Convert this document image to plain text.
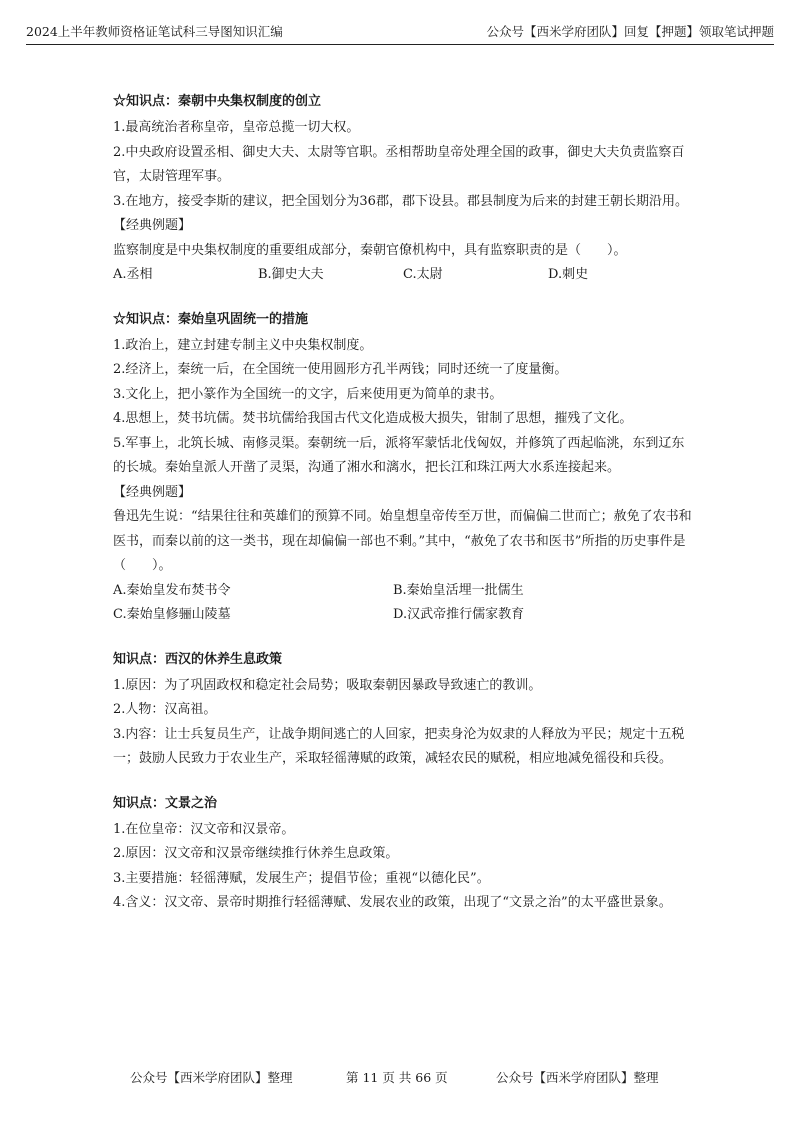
2024上半年教师资格证笔试科三导图知识汇编	公众号【西米学府团队】回复【押题】领取笔试押题

☆知识点：秦朝中央集权制度的创立

1.最高统治者称皇帝，皇帝总揽一切大权。

2.中央政府设置丞相、御史大夫、太尉等官职。丞相帮助皇帝处理全国的政事，御史大夫负责监察百官，太尉管理军事。

3.在地方，接受李斯的建议，把全国划分为36郡，郡下设县。郡县制度为后来的封建王朝长期沿用。

【经典例题】

监察制度是中央集权制度的重要组成部分，秦朝官僚机构中，具有监察职责的是（　　）。

A.丞相	B.御史大夫	C.太尉	D.刺史

☆知识点：秦始皇巩固统一的措施

1.政治上，建立封建专制主义中央集权制度。

2.经济上，秦统一后，在全国统一使用圆形方孔半两钱；同时还统一了度量衡。

3.文化上，把小篆作为全国统一的文字，后来使用更为简单的隶书。

4.思想上，焚书坑儒。焚书坑儒给我国古代文化造成极大损失，钳制了思想，摧残了文化。

5.军事上，北筑长城、南修灵渠。秦朝统一后，派将军蒙恬北伐匈奴，并修筑了西起临洮，东到辽东的长城。秦始皇派人开凿了灵渠，沟通了湘水和漓水，把长江和珠江两大水系连接起来。

【经典例题】

鲁迅先生说：“结果往往和英雄们的预算不同。始皇想皇帝传至万世，而偏偏二世而亡；赦免了农书和医书，而秦以前的这一类书，现在却偏偏一部也不剩。”其中，“赦免了农书和医书”所指的历史事件是（　　）。

A.秦始皇发布焚书令	B.秦始皇活埋一批儒生
C.秦始皇修骊山陵墓	D.汉武帝推行儒家教育

知识点：西汉的休养生息政策

1.原因：为了巩固政权和稳定社会局势；吸取秦朝因暴政导致速亡的教训。

2.人物：汉高祖。

3.内容：让士兵复员生产，让战争期间逃亡的人回家，把卖身沦为奴隶的人释放为平民；规定十五税一；鼓励人民致力于农业生产，采取轻徭薄赋的政策，减轻农民的赋税，相应地减免徭役和兵役。

知识点：文景之治

1.在位皇帝：汉文帝和汉景帝。

2.原因：汉文帝和汉景帝继续推行休养生息政策。

3.主要措施：轻徭薄赋，发展生产；提倡节俭；重视“以德化民”。

4.含义：汉文帝、景帝时期推行轻徭薄赋、发展农业的政策，出现了“文景之治”的太平盛世景象。

公众号【西米学府团队】整理	第 11 页 共 66 页	公众号【西米学府团队】整理
